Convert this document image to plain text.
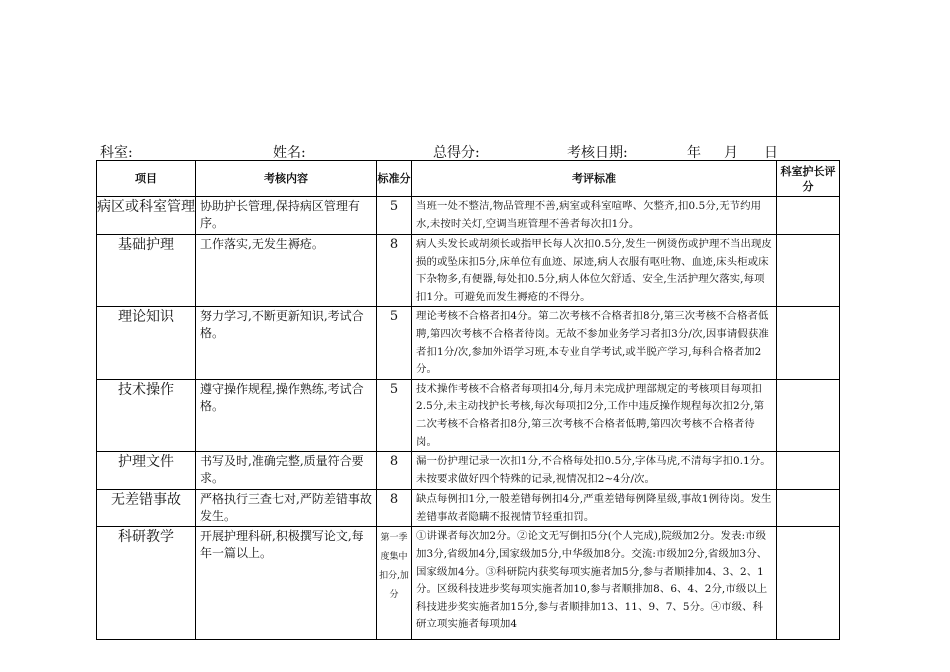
科室:	姓名:	总得分:	考核日期:	年 月 日
项目	考核内容	标准分	考评标准	科室护长评分
病区或科室管理	协助护长管理,保持病区管理有序。	5	当班一处不整洁,物品管理不善,病室或科室喧哗、欠整齐,扣0.5分,无节约用水,未按时关灯,空调当班管理不善者每次扣1分。	
基础护理	工作落实,无发生褥疮。	8	病人头发长或胡须长或指甲长每人次扣0.5分,发生一例烫伤或护理不当出现皮损的或坠床扣5分,床单位有血迹、尿迹,病人衣服有呕吐物、血迹,床头柜或床下杂物多,有便器,每处扣0.5分,病人体位欠舒适、安全,生活护理欠落实,每项扣1分。可避免而发生褥疮的不得分。	
理论知识	努力学习,不断更新知识,考试合格。	5	理论考核不合格者扣4分。第二次考核不合格者扣8分,第三次考核不合格者低聘,第四次考核不合格者待岗。无故不参加业务学习者扣3分/次,因事请假获准者扣1分/次,参加外语学习班,本专业自学考试,或半脱产学习,每科合格者加2分。	
技术操作	遵守操作规程,操作熟练,考试合格。	5	技术操作考核不合格者每项扣4分,每月未完成护理部规定的考核项目每项扣2.5分,未主动找护长考核,每次每项扣2分,工作中违反操作规程每次扣2分,第二次考核不合格者扣8分,第三次考核不合格者低聘,第四次考核不合格者待岗。	
护理文件	书写及时,准确完整,质量符合要求。	8	漏一份护理记录一次扣1分,不合格每处扣0.5分,字体马虎,不清每字扣0.1分。未按要求做好四个特殊的记录,视情况扣2~4分/次。	
无差错事故	严格执行三查七对,严防差错事故发生。	8	缺点每例扣1分,一般差错每例扣4分,严重差错每例降星级,事故1例待岗。发生差错事故者隐瞒不报视情节轻重扣罚。	
科研教学	开展护理科研,积极撰写论文,每年一篇以上。	第一季度集中扣分,加分	①讲课者每次加2分。②论文无写倒扣5分(个人完成),院级加2分。发表:市级加3分,省级加4分,国家级加5分,中华级加8分。交流:市级加2分,省级加3分、国家级加4分。③科研院内获奖每项实施者加5分,参与者顺排加4、3、2、1分。区级科技进步奖每项实施者加10,参与者顺排加8、6、4、2分,市级以上科技进步奖实施者加15分,参与者顺排加13、11、9、7、5分。④市级、科研立项实施者每项加4	
